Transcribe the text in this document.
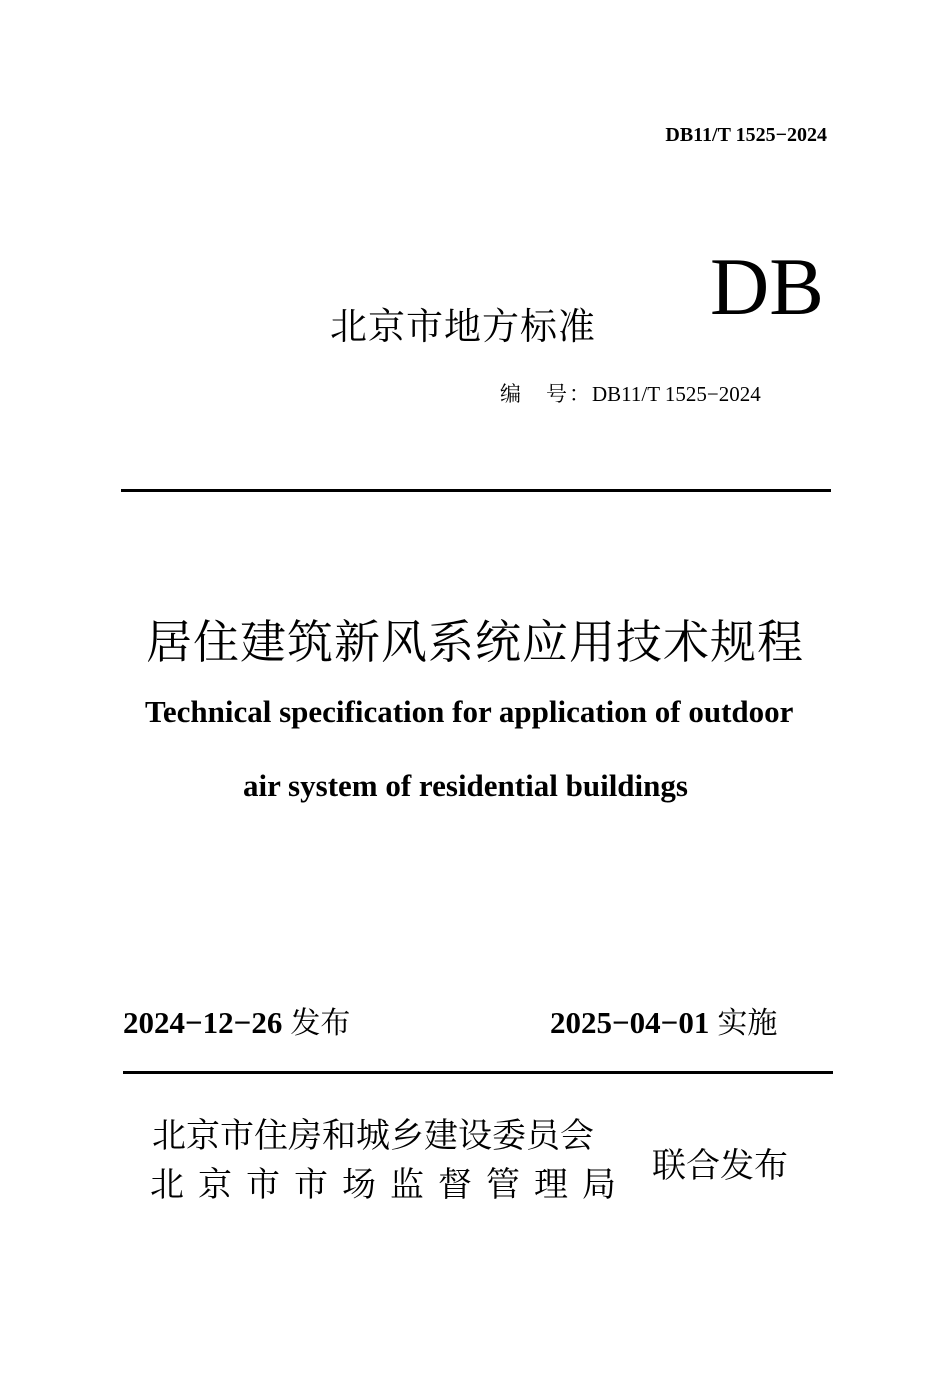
DB11/T 1525−2024
北京市地方标准 DB
编　号：DB11/T 1525−2024
居住建筑新风系统应用技术规程
Technical specification for application of outdoor
air system of residential buildings
2024−12−26 发布	2025−04−01 实施
北京市住房和城乡建设委员会
北京市市场监督管理局 联合发布
